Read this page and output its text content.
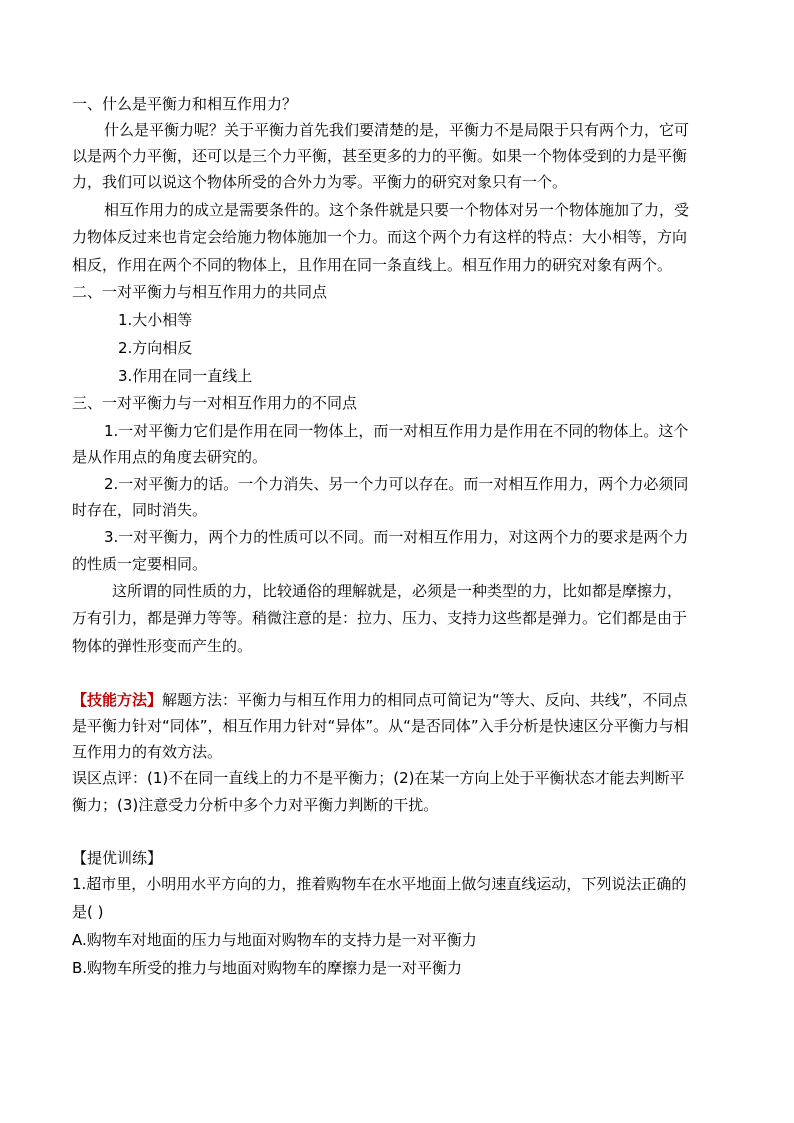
一、什么是平衡力和相互作用力？
什么是平衡力呢？关于平衡力首先我们要清楚的是，平衡力不是局限于只有两个力，它可
以是两个力平衡，还可以是三个力平衡，甚至更多的力的平衡。如果一个物体受到的力是平衡
力，我们可以说这个物体所受的合外力为零。平衡力的研究对象只有一个。
相互作用力的成立是需要条件的。这个条件就是只要一个物体对另一个物体施加了力，受
力物体反过来也肯定会给施力物体施加一个力。而这个两个力有这样的特点：大小相等，方向
相反，作用在两个不同的物体上，且作用在同一条直线上。相互作用力的研究对象有两个。
二、一对平衡力与相互作用力的共同点
1.大小相等
2.方向相反
3.作用在同一直线上
三、一对平衡力与一对相互作用力的不同点
1.一对平衡力它们是作用在同一物体上，而一对相互作用力是作用在不同的物体上。这个
是从作用点的角度去研究的。
2.一对平衡力的话。一个力消失、另一个力可以存在。而一对相互作用力，两个力必须同
时存在，同时消失。
3.一对平衡力，两个力的性质可以不同。而一对相互作用力，对这两个力的要求是两个力
的性质一定要相同。
这所谓的同性质的力，比较通俗的理解就是，必须是一种类型的力，比如都是摩擦力，
万有引力，都是弹力等等。稍微注意的是：拉力、压力、支持力这些都是弹力。它们都是由于
物体的弹性形变而产生的。
【技能方法】解题方法：平衡力与相互作用力的相同点可简记为“等大、反向、共线”，不同点
是平衡力针对“同体”，相互作用力针对“异体”。从“是否同体”入手分析是快速区分平衡力与相
互作用力的有效方法。
误区点评：(1)不在同一直线上的力不是平衡力；(2)在某一方向上处于平衡状态才能去判断平
衡力；(3)注意受力分析中多个力对平衡力判断的干扰。
【提优训练】
1.超市里，小明用水平方向的力，推着购物车在水平地面上做匀速直线运动，下列说法正确的
是( )
A.购物车对地面的压力与地面对购物车的支持力是一对平衡力
B.购物车所受的推力与地面对购物车的摩擦力是一对平衡力
